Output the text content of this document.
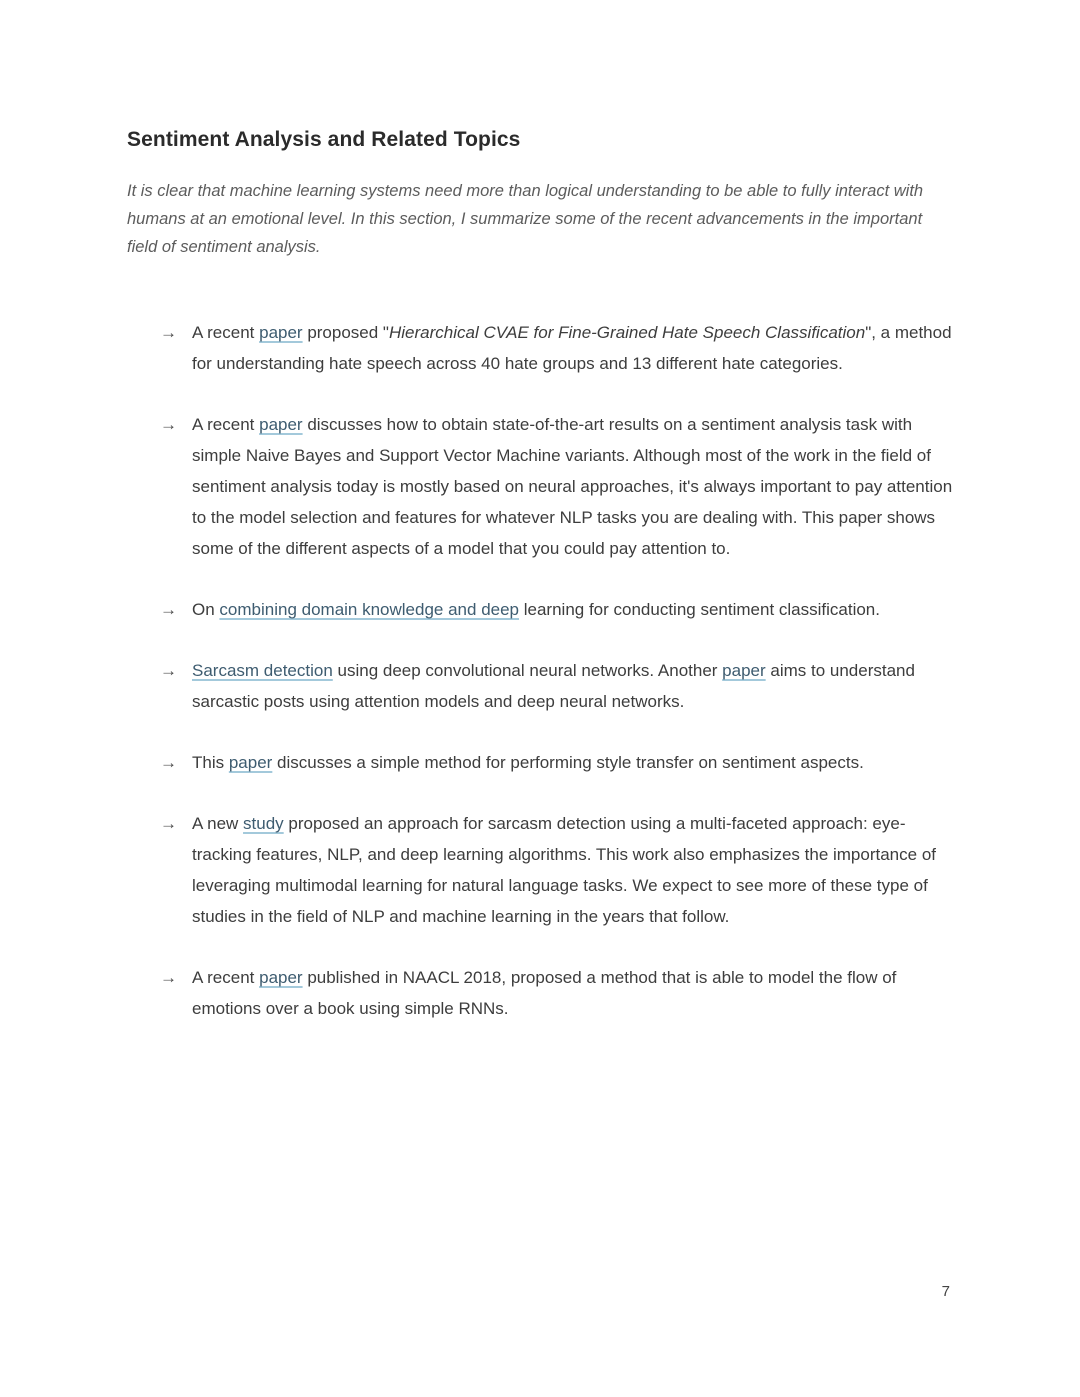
Sentiment Analysis and Related Topics

It is clear that machine learning systems need more than logical understanding to be able to fully interact with humans at an emotional level. In this section, I summarize some of the recent advancements in the important field of sentiment analysis.

→ A recent paper proposed "Hierarchical CVAE for Fine-Grained Hate Speech Classification", a method for understanding hate speech across 40 hate groups and 13 different hate categories.
→ A recent paper discusses how to obtain state-of-the-art results on a sentiment analysis task with simple Naive Bayes and Support Vector Machine variants. Although most of the work in the field of sentiment analysis today is mostly based on neural approaches, it's always important to pay attention to the model selection and features for whatever NLP tasks you are dealing with. This paper shows some of the different aspects of a model that you could pay attention to.
→ On combining domain knowledge and deep learning for conducting sentiment classification.
→ Sarcasm detection using deep convolutional neural networks. Another paper aims to understand sarcastic posts using attention models and deep neural networks.
→ This paper discusses a simple method for performing style transfer on sentiment aspects.
→ A new study proposed an approach for sarcasm detection using a multi-faceted approach: eye-tracking features, NLP, and deep learning algorithms. This work also emphasizes the importance of leveraging multimodal learning for natural language tasks. We expect to see more of these type of studies in the field of NLP and machine learning in the years that follow.
→ A recent paper published in NAACL 2018, proposed a method that is able to model the flow of emotions over a book using simple RNNs.
7
